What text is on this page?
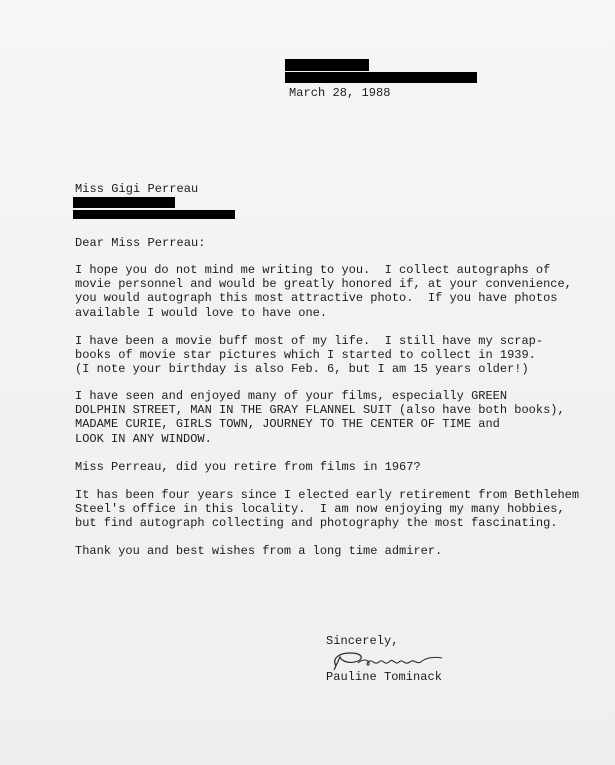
March 28, 1988
Miss Gigi Perreau
Dear Miss Perreau:
I hope you do not mind me writing to you.  I collect autographs of
movie personnel and would be greatly honored if, at your convenience,
you would autograph this most attractive photo.  If you have photos
available I would love to have one.
I have been a movie buff most of my life.  I still have my scrap-
books of movie star pictures which I started to collect in 1939.
(I note your birthday is also Feb. 6, but I am 15 years older!)
I have seen and enjoyed many of your films, especially GREEN
DOLPHIN STREET, MAN IN THE GRAY FLANNEL SUIT (also have both books),
MADAME CURIE, GIRLS TOWN, JOURNEY TO THE CENTER OF TIME and
LOOK IN ANY WINDOW.
Miss Perreau, did you retire from films in 1967?
It has been four years since I elected early retirement from Bethlehem
Steel's office in this locality.  I am now enjoying my many hobbies,
but find autograph collecting and photography the most fascinating.
Thank you and best wishes from a long time admirer.
Sincerely,
Pauline Tominack
